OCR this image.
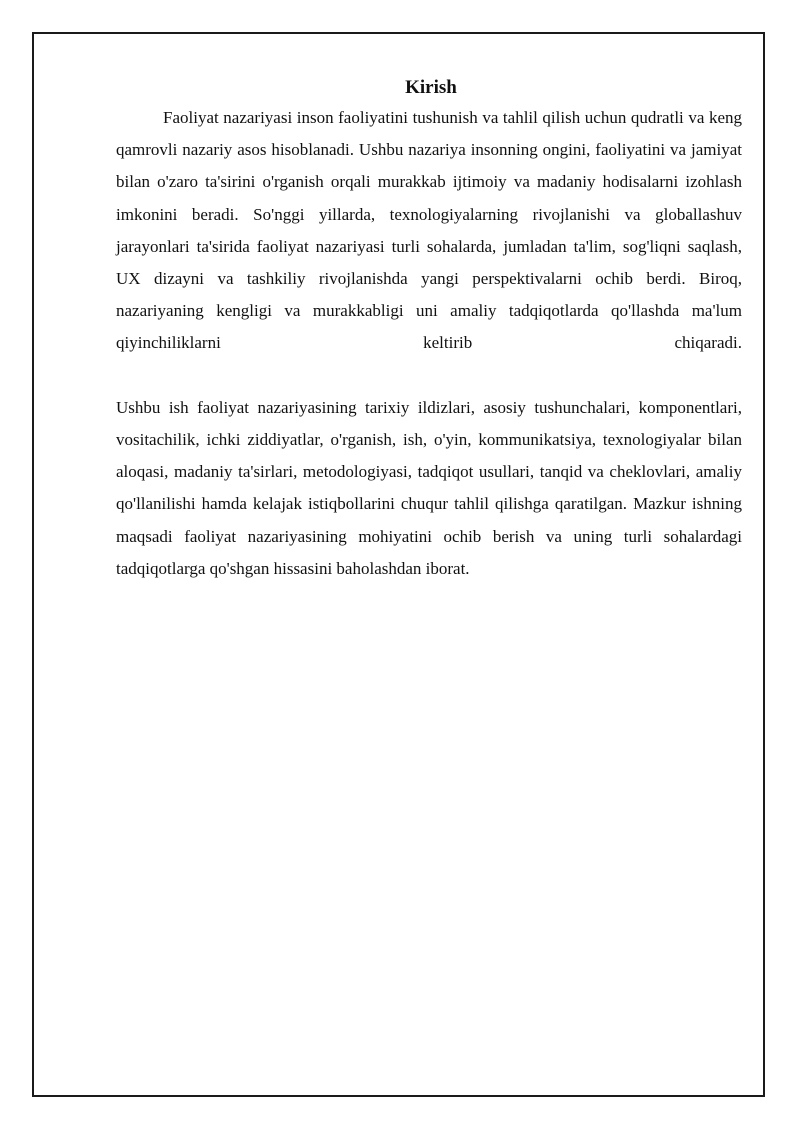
Kirish

Faoliyat nazariyasi inson faoliyatini tushunish va tahlil qilish uchun qudratli va keng qamrovli nazariy asos hisoblanadi. Ushbu nazariya insonning ongini, faoliyatini va jamiyat bilan o'zaro ta'sirini o'rganish orqali murakkab ijtimoiy va madaniy hodisalarni izohlash imkonini beradi. So'nggi yillarda, texnologiyalarning rivojlanishi va globallashuv jarayonlari ta'sirida faoliyat nazariyasi turli sohalarda, jumladan ta'lim, sog'liqni saqlash, UX dizayni va tashkiliy rivojlanishda yangi perspektivalarni ochib berdi. Biroq, nazariyaning kengligi va murakkabligi uni amaliy tadqiqotlarda qo'llashda ma'lum qiyinchiliklarni keltirib chiqaradi.

Ushbu ish faoliyat nazariyasining tarixiy ildizlari, asosiy tushunchalari, komponentlari, vositachilik, ichki ziddiyatlar, o'rganish, ish, o'yin, kommunikatsiya, texnologiyalar bilan aloqasi, madaniy ta'sirlari, metodologiyasi, tadqiqot usullari, tanqid va cheklovlari, amaliy qo'llanilishi hamda kelajak istiqbollarini chuqur tahlil qilishga qaratilgan. Mazkur ishning maqsadi faoliyat nazariyasining mohiyatini ochib berish va uning turli sohalardagi tadqiqotlarga qo'shgan hissasini baholashdan iborat.
